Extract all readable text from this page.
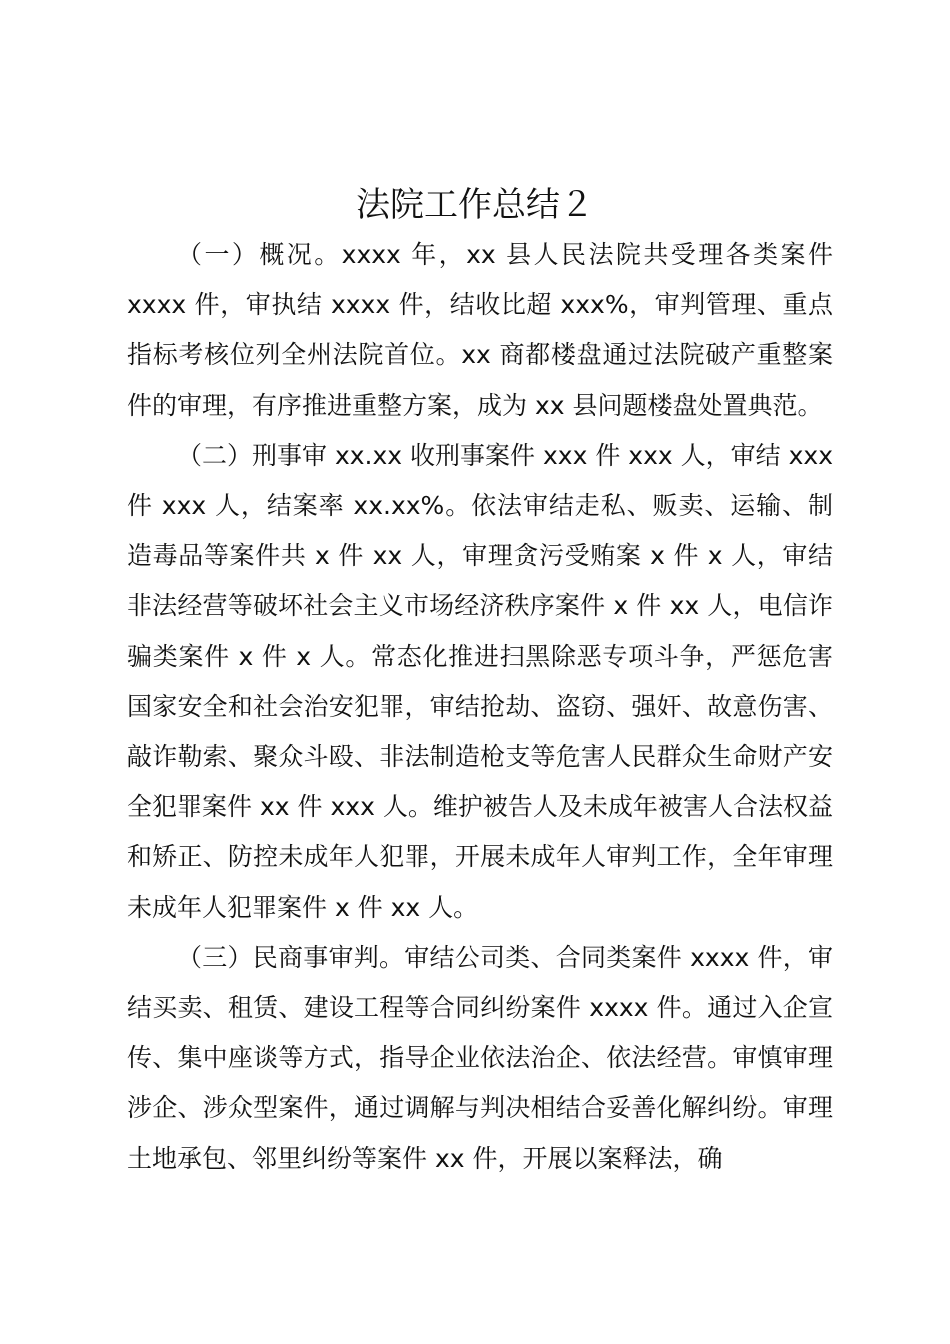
法院工作总结２

（一）概况。xxxx 年，xx 县人民法院共受理各类案件 xxxx 件，审执结 xxxx 件，结收比超 xxx%，审判管理、重点指标考核位列全州法院首位。xx 商都楼盘通过法院破产重整案件的审理，有序推进重整方案，成为 xx 县问题楼盘处置典范。

（二）刑事审 xx.xx 收刑事案件 xxx 件 xxx 人，审结 xxx 件 xxx 人，结案率 xx.xx%。依法审结走私、贩卖、运输、制造毒品等案件共 x 件 xx 人，审理贪污受贿案 x 件 x 人，审结非法经营等破坏社会主义市场经济秩序案件 x 件 xx 人，电信诈骗类案件 x 件 x 人。常态化推进扫黑除恶专项斗争，严惩危害国家安全和社会治安犯罪，审结抢劫、盗窃、强奸、故意伤害、敲诈勒索、聚众斗殴、非法制造枪支等危害人民群众生命财产安全犯罪案件 xx 件 xxx 人。维护被告人及未成年被害人合法权益和矫正、防控未成年人犯罪，开展未成年人审判工作，全年审理未成年人犯罪案件 x 件 xx 人。

（三）民商事审判。审结公司类、合同类案件 xxxx 件，审结买卖、租赁、建设工程等合同纠纷案件 xxxx 件。通过入企宣传、集中座谈等方式，指导企业依法治企、依法经营。审慎审理涉企、涉众型案件，通过调解与判决相结合妥善化解纠纷。审理土地承包、邻里纠纷等案件 xx 件，开展以案释法，确
